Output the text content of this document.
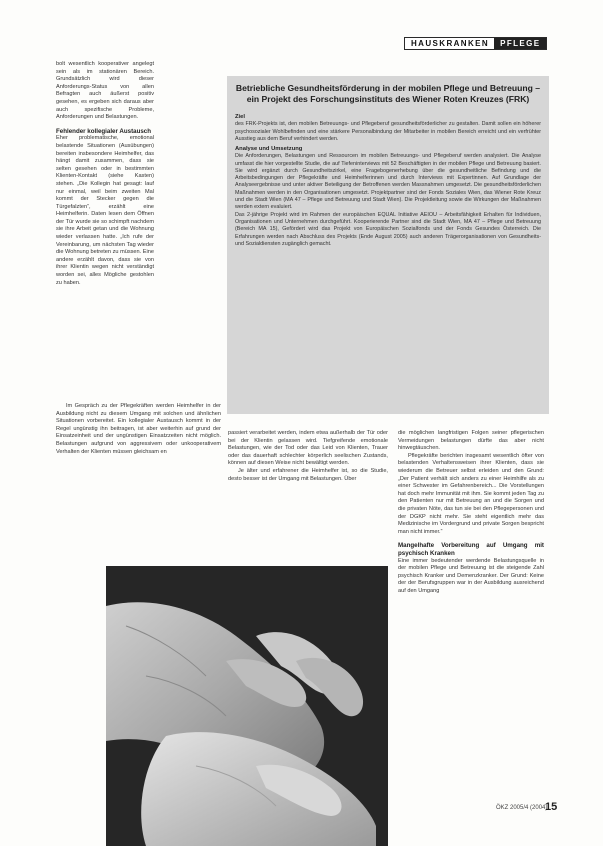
HAUSKRANKEN	PFLEGE

bolt wesentlich kooperativer angelegt sein als im stationären Bereich. Grundsätzlich wird dieser Anforderungs-Status von allen Befragten auch äußerst positiv gesehen, es ergeben sich daraus aber auch spezifische Probleme, Anforderungen und Belastungen.

Fehlender kollegialer Austausch

Eher problematische, emotional belastende Situationen (Ausübungen) bereiten insbesondere Heimhelfer, das hängt damit zusammen, dass sie selten gesehen oder in bestimmten Klienten-Kontakt (siehe Kasten) stehen. „Die Kollegin hat gesagt: lauf nur einmal, weil beim zweiten Mal kommt der Stecker gegen die Türgefalzten“, erzählt eine Heimhelferin. Daten lesen dem Öffnen der Tür wurde sie so schimpft nachdem sie ihre Arbeit getan und die Wohnung wieder verlassen hatte. „Ich rufe der Vereinbarung, um nächsten Tag wieder die Wohnung betreten zu müssen. Eine andere erzählt davon, dass sie von ihrer Klientin wegen nicht verständigt worden sei, alles Mögliche gestohlen zu haben.

Im Gespräch zu der Pflegekräften werden Heimhelfer in der Ausbildung nicht zu diesem Umgang mit solchen und ähnlichen Situationen vorbereitet. Ein kollegialer Austausch kommt in der Regel ungünstig ihn beitragen, ist aber weiterhin auf grund der Einsatzeinheit und der ungünstigen Einsatzzeiten nicht möglich. Belastungen aufgrund von aggressivem oder unkooperativem Verhalten der Klienten müssen gleichsam en

Betriebliche Gesundheitsförderung in der mobilen Pflege und Betreuung – ein Projekt des Forschungsinstituts des Wiener Roten Kreuzes (FRK)
Ziel

des FRK-Projekts ist, den mobilen Betreuungs- und Pflegeberuf gesundheitsförderlicher zu gestalten. Damit sollen ein höherer psychosozialer Wohlbefinden und eine stärkere Personalbindung der Mitarbeiter in mobilen Bereich erreicht und ein verfrühter Ausstieg aus dem Beruf verhindert werden.

Analyse und Umsetzung

Die Anforderungen, Belastungen und Ressourcen im mobilen Betreuungs- und Pflegeberuf werden analysiert. Die Analyse umfasst die hier vorgestellte Studie, die auf Tiefeninterviews mit 52 Beschäftigten in der mobilen Pflege und Betreuung basiert. Sie wird ergänzt durch Gesundheitszirkel, eine Fragebogenerhebung über die gesundheitliche Befindung und die Arbeitsbedingungen der Pflegekräfte und Heimhelferinnen und durch Interviews mit Expertinnen. Auf Grundlage der Analyseergebnisse und unter aktiver Beteiligung der Betroffenen werden Massnahmen umgesetzt. Die gesundheitsförderlichen Maßnahmen werden in den Organisationen umgesetzt. Projektpartner sind der Fonds Soziales Wien, das Wiener Rote Kreuz und die Stadt Wien (MA 47 – Pflege und Betreuung und Stadt Wien). Die Projektleitung sowie die Wirkungen der Maßnahmen werden extern evaluiert.

Das 2-jährige Projekt wird im Rahmen der europäischen EQUAL Initiative AEIOU – Arbeitsfähigkeit Erhalten für Individuen, Organisationen und Unternehmen durchgeführt. Kooperierende Partner sind die Stadt Wien, MA 47 – Pflege und Betreuung (Bereich MA 15), Gefördert wird das Projekt von Europäischen Sozialfonds und der Fonds Gesundes Österreich. Die Erfahrungen werden nach Abschluss des Projekts (Ende August 2005) auch anderen Trägerorganisationen von Gesundheits- und Sozialdiensten zugänglich gemacht.

passiert verarbeitet werden, indem etwa außerhalb der Tür oder bei der Klientin gelassen wird. Tiefgreifende emotionale Belastungen, wie der Tod oder das Leid von Klienten, Trauer oder das dauerhaft schlechter körperlich seelischen Zustands, können auf diesen Weise nicht bewältigt werden.

Je älter und erfahrener die Heimhelfer ist, so die Studie, desto besser ist der Umgang mit Belastungen. Über

die möglichen langfristigen Folgen seiner pflegerischen Vermeidungen belastungen dürfte das aber nicht hinwegtäuschen.

Pflegekräfte berichten insgesamt wesentlich öfter von belastenden Verhaltensweisen ihrer Klienten, dass sie wiederum die Betreuer selbst erleiden und den Grund: „Der Patient verhält sich anders zu einer Heimhilfe als zu einer Schwester im Gefahrenbereich... Die Vorstellungen hat doch mehr Immunität mit ihm. Sie kommt jeden Tag zu den Patienten nur mit Betreuung an und die Sorgen und die privaten Nöte, das tun sie bei den Pflegepersonen und der DGKP nicht mehr. Sie steht eigentlich mehr das Medizinische im Vordergrund und private Sorgen bespricht man nicht immer.“

Mangelhafte Vorbereitung auf Umgang mit psychisch Kranken

Eine immer bedeutender werdende Belastungsquelle in der mobilen Pflege und Betreuung ist die steigende Zahl psychisch Kranker und Demenzkranker. Der Grund: Keine der der Berufsgruppen war in der Ausbildung ausreichend auf den Umgang

ÖKZ 2005/4 (2004)
15
